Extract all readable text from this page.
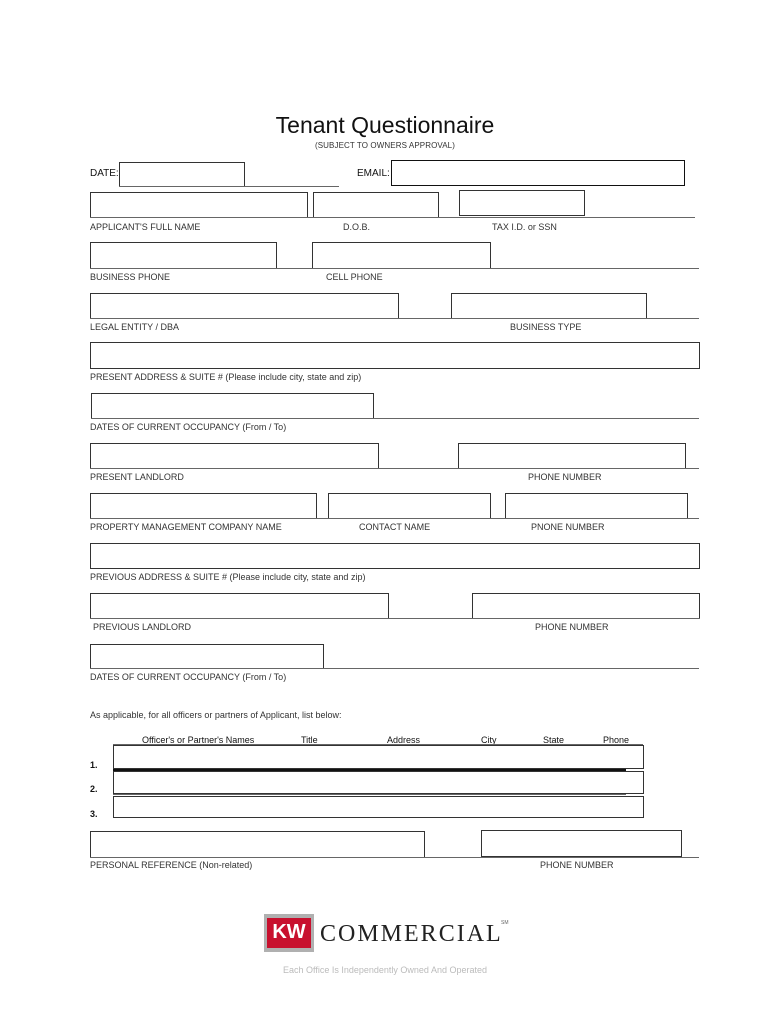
Tenant Questionnaire
(SUBJECT TO OWNERS APPROVAL)
DATE:	EMAIL:
APPLICANT'S FULL NAME	D.O.B.	TAX I.D. or SSN
BUSINESS PHONE	CELL PHONE
LEGAL ENTITY / DBA	BUSINESS TYPE
PRESENT ADDRESS & SUITE # (Please include city, state and zip)
DATES OF CURRENT OCCUPANCY (From / To)
PRESENT LANDLORD	PHONE NUMBER
PROPERTY MANAGEMENT COMPANY NAME	CONTACT NAME	PNONE NUMBER
PREVIOUS ADDRESS & SUITE # (Please include city, state and zip)
PREVIOUS LANDLORD	PHONE NUMBER
DATES OF CURRENT OCCUPANCY (From / To)
As applicable, for all officers or partners of Applicant, list below:
Officer's or Partner's Names	Title	Address	City	State	Phone
1.
2.
3.
PERSONAL REFERENCE (Non-related)	PHONE NUMBER
KW COMMERCIAL
SM
Each Office Is Independently Owned And Operated
